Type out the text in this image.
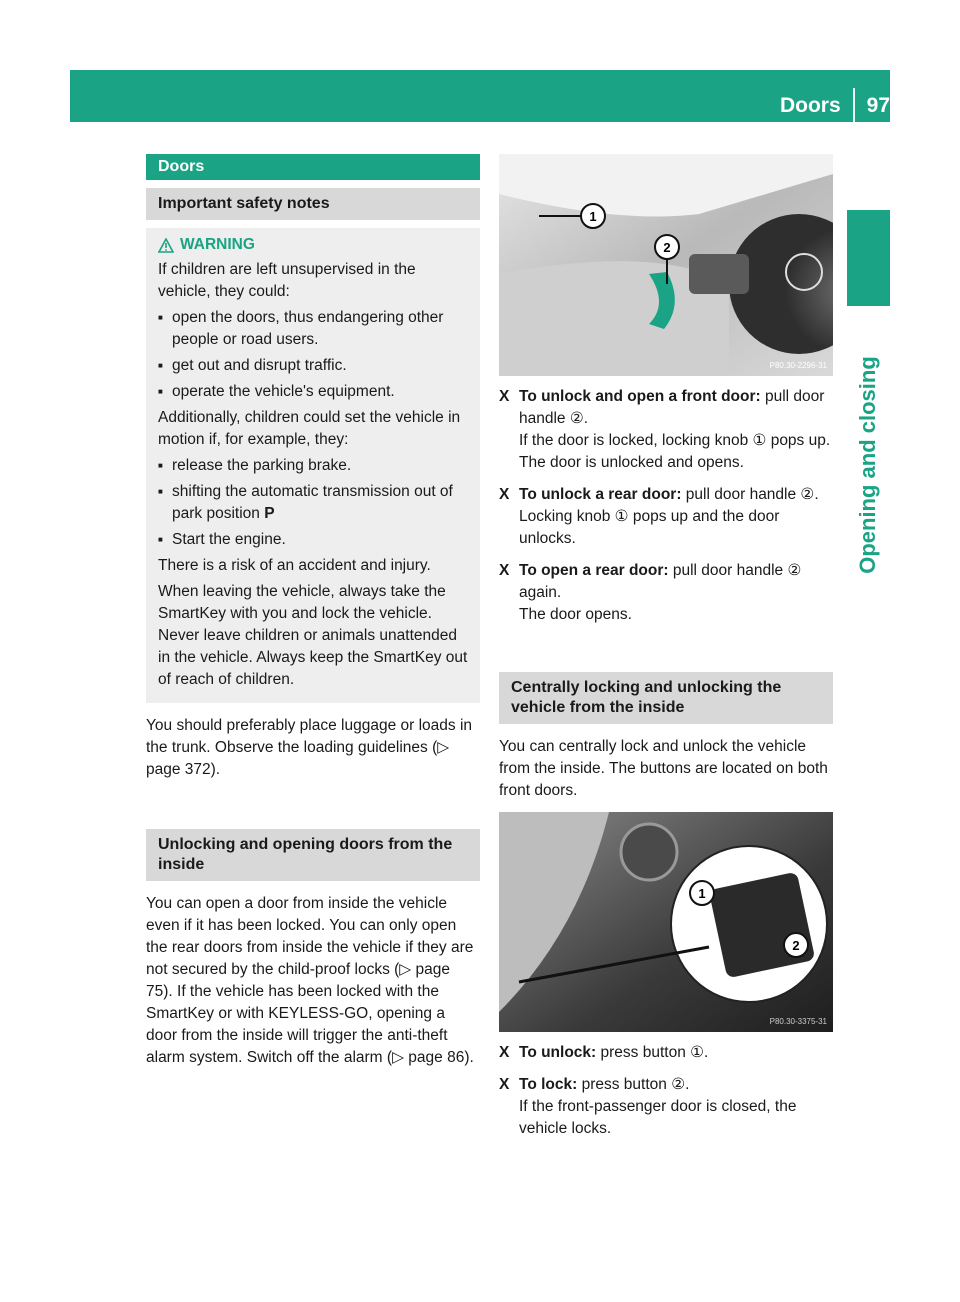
Doors 97
Opening and closing
Doors
Important safety notes
WARNING

If children are left unsupervised in the vehicle, they could:

■ open the doors, thus endangering other people or road users.
■ get out and disrupt traffic.
■ operate the vehicle's equipment.

Additionally, children could set the vehicle in motion if, for example, they:

■ release the parking brake.
■ shifting the automatic transmission out of park position P
■ Start the engine.

There is a risk of an accident and injury.

When leaving the vehicle, always take the SmartKey with you and lock the vehicle. Never leave children or animals unattended in the vehicle. Always keep the SmartKey out of reach of children.

You should preferably place luggage or loads in the trunk. Observe the loading guidelines (▷ page 372).

Unlocking and opening doors from the inside

You can open a door from inside the vehicle even if it has been locked. You can only open the rear doors from inside the vehicle if they are not secured by the child-proof locks (▷ page 75). If the vehicle has been locked with the SmartKey or with KEYLESS-GO, opening a door from the inside will trigger the anti-theft alarm system. Switch off the alarm (▷ page 86).

1
2
P80.30-2296-31
X To unlock and open a front door: pull door handle ②.
If the door is locked, locking knob ① pops up. The door is unlocked and opens.
X To unlock a rear door: pull door handle ②.
Locking knob ① pops up and the door unlocks.
X To open a rear door: pull door handle ② again.
The door opens.
Centrally locking and unlocking the vehicle from the inside

You can centrally lock and unlock the vehicle from the inside. The buttons are located on both front doors.

1
2
P80.30-3375-31
X To unlock: press button ①.
X To lock: press button ②.
If the front-passenger door is closed, the vehicle locks.
